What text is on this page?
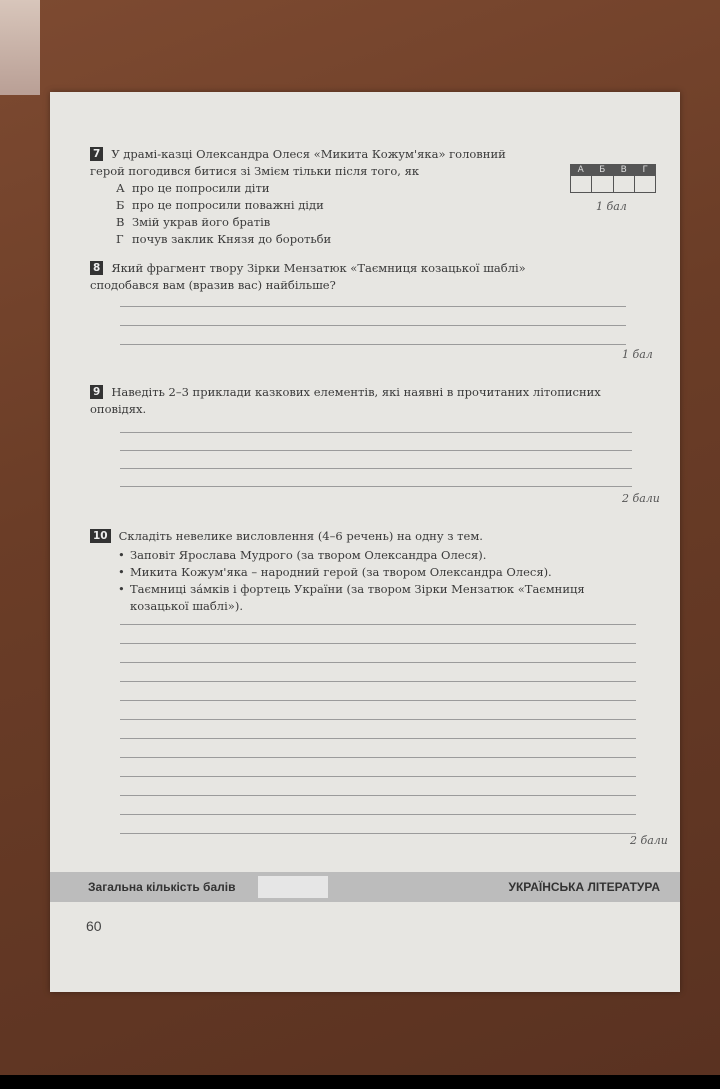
7 У драмі-казці Олександра Олеся «Микита Кожум'яка» головний герой погодився битися зі Змієм тільки після того, як
А про це попросили діти
Б про це попросили поважні діди
В Змій украв його братів
Г почув заклик Князя до боротьби
А	Б	В	Г
1 бал
8 Який фрагмент твору Зірки Мензатюк «Таємниця козацької шаблі» сподобався вам (вразив вас) найбільше?
1 бал
9 Наведіть 2–3 приклади казкових елементів, які наявні в прочитаних літописних оповідях.
2 бали
10 Складіть невелике висловлення (4–6 речень) на одну з тем.
• Заповіт Ярослава Мудрого (за твором Олександра Олеся).
• Микита Кожум'яка – народний герой (за твором Олександра Олеся).
• Таємниці зáмків і фортець України (за твором Зірки Мензатюк «Таємниця козацької шаблі»).
2 бали
Загальна кількість балів	УКРАЇНСЬКА ЛІТЕРАТУРА
60
